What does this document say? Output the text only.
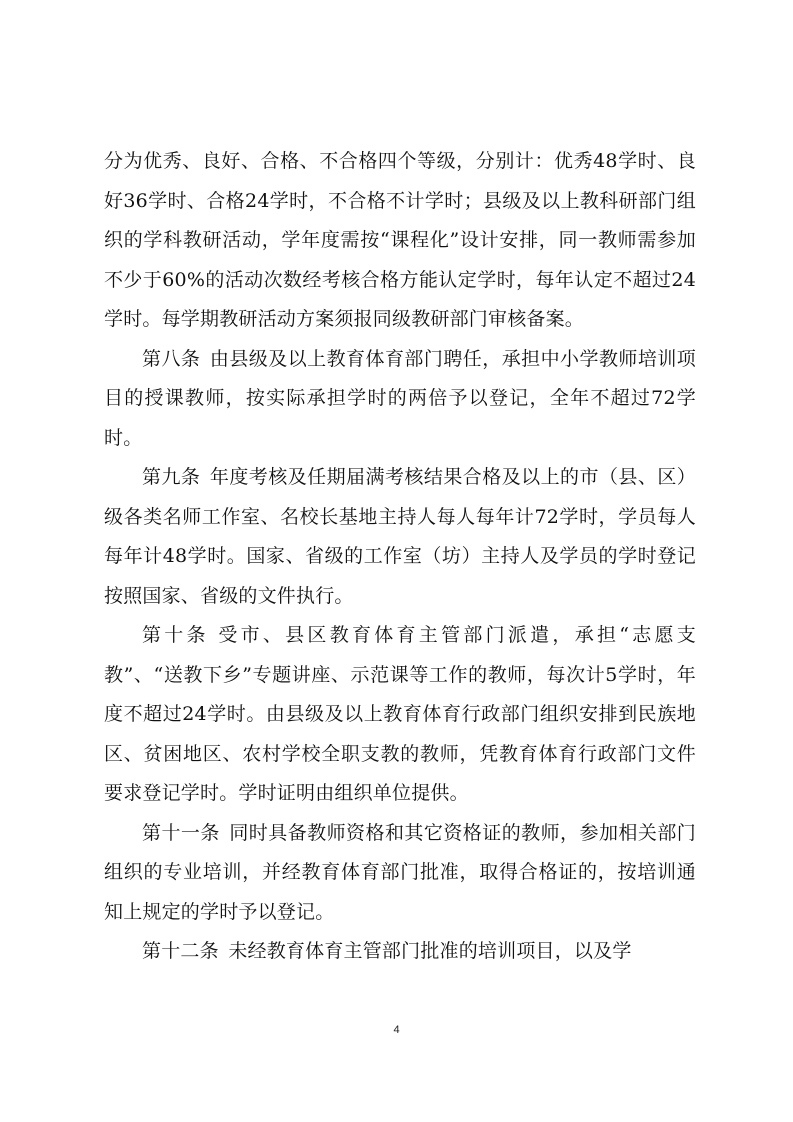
分为优秀、良好、合格、不合格四个等级，分别计：优秀48学时、良好36学时、合格24学时，不合格不计学时；县级及以上教科研部门组织的学科教研活动，学年度需按“课程化”设计安排，同一教师需参加不少于60%的活动次数经考核合格方能认定学时，每年认定不超过24学时。每学期教研活动方案须报同级教研部门审核备案。

第八条 由县级及以上教育体育部门聘任，承担中小学教师培训项目的授课教师，按实际承担学时的两倍予以登记，全年不超过72学时。

第九条 年度考核及任期届满考核结果合格及以上的市（县、区）级各类名师工作室、名校长基地主持人每人每年计72学时，学员每人每年计48学时。国家、省级的工作室（坊）主持人及学员的学时登记按照国家、省级的文件执行。

第十条 受市、县区教育体育主管部门派遣，承担“志愿支教”、“送教下乡”专题讲座、示范课等工作的教师，每次计5学时，年度不超过24学时。由县级及以上教育体育行政部门组织安排到民族地区、贫困地区、农村学校全职支教的教师，凭教育体育行政部门文件要求登记学时。学时证明由组织单位提供。

第十一条 同时具备教师资格和其它资格证的教师，参加相关部门组织的专业培训，并经教育体育部门批准，取得合格证的，按培训通知上规定的学时予以登记。

第十二条 未经教育体育主管部门批准的培训项目，以及学

4
